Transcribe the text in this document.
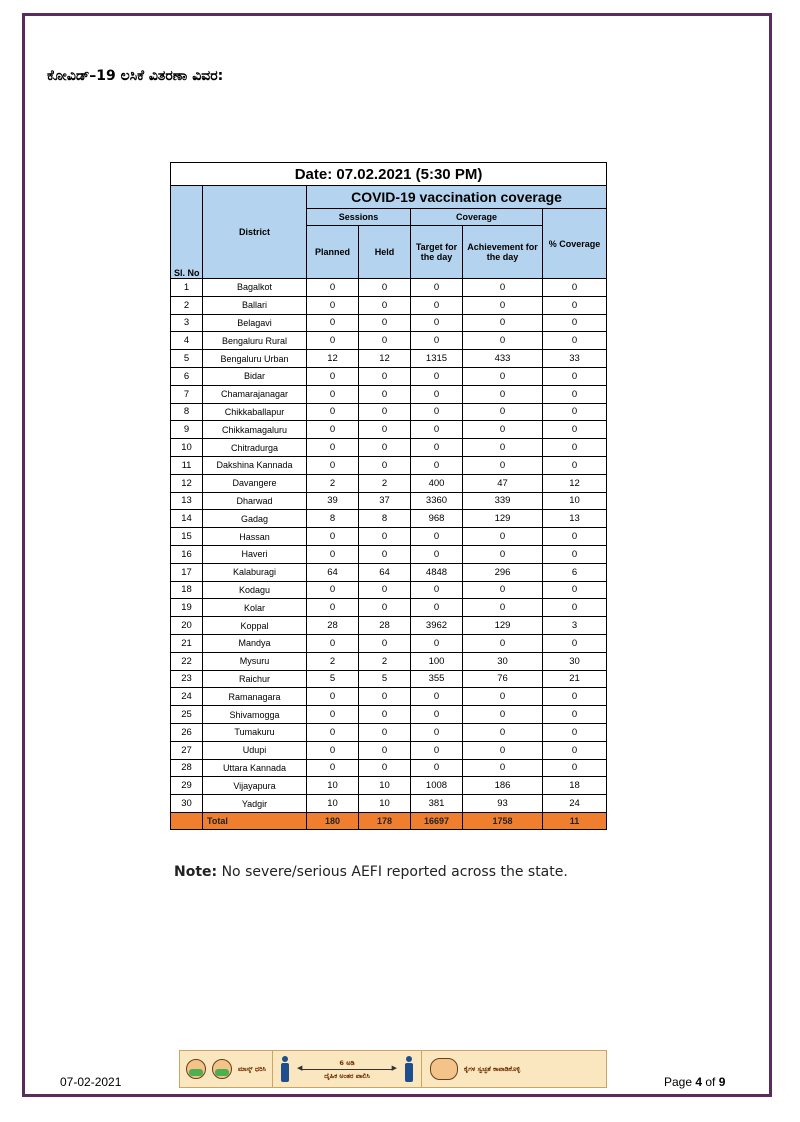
ಕೋವಿಡ್–19 ಲಸಿಕೆ ವಿತರಣಾ ವಿವರ:
Date: 07.02.2021 (5:30 PM)						
Sl. No	District	COVID-19 vaccination coverage				
		Sessions		Coverage		% Coverage
		Planned	Held	Target for the day	Achievement for the day	
1	Bagalkot	0	0	0	0	0
2	Ballari	0	0	0	0	0
3	Belagavi	0	0	0	0	0
4	Bengaluru Rural	0	0	0	0	0
5	Bengaluru Urban	12	12	1315	433	33
6	Bidar	0	0	0	0	0
7	Chamarajanagar	0	0	0	0	0
8	Chikkaballapur	0	0	0	0	0
9	Chikkamagaluru	0	0	0	0	0
10	Chitradurga	0	0	0	0	0
11	Dakshina Kannada	0	0	0	0	0
12	Davangere	2	2	400	47	12
13	Dharwad	39	37	3360	339	10
14	Gadag	8	8	968	129	13
15	Hassan	0	0	0	0	0
16	Haveri	0	0	0	0	0
17	Kalaburagi	64	64	4848	296	6
18	Kodagu	0	0	0	0	0
19	Kolar	0	0	0	0	0
20	Koppal	28	28	3962	129	3
21	Mandya	0	0	0	0	0
22	Mysuru	2	2	100	30	30
23	Raichur	5	5	355	76	21
24	Ramanagara	0	0	0	0	0
25	Shivamogga	0	0	0	0	0
26	Tumakuru	0	0	0	0	0
27	Udupi	0	0	0	0	0
28	Uttara Kannada	0	0	0	0	0
29	Vijayapura	10	10	1008	186	18
30	Yadgir	10	10	381	93	24
	Total	180	178	16697	1758	11
Note: No severe/serious AEFI reported across the state.
ಮಾಸ್ಕ್ ಧರಿಸಿ
6 ಅಡಿ
◀ ▶
ದೈಹಿಕ ಅಂತರ ಪಾಲಿಸಿ
ಕೈಗಳ ಸ್ವಚ್ಛತೆ ಕಾಪಾಡಿಕೊಳ್ಳಿ
07-02-2021	Page 4 of 9
